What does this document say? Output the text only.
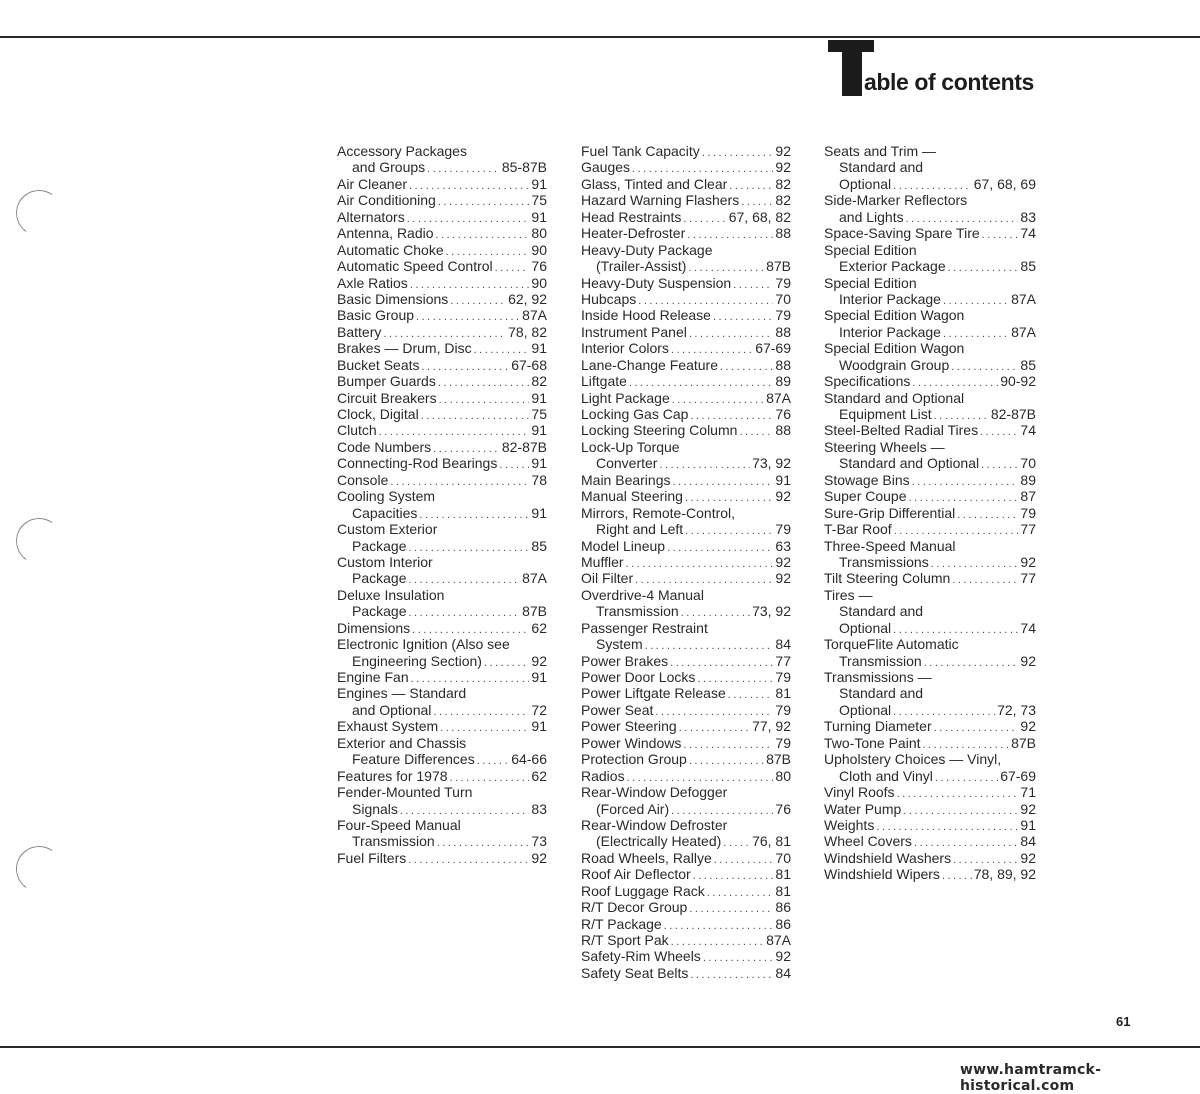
able of contents
Accessory Packages
and Groups .....	85-87B
Air Cleaner .....	91
Air Conditioning .....	75
Alternators .....	91
Antenna, Radio .....	80
Automatic Choke .....	90
Automatic Speed Control .....	76
Axle Ratios .....	90
Basic Dimensions .....	62, 92
Basic Group .....	87A
Battery .....	78, 82
Brakes — Drum, Disc .....	91
Bucket Seats .....	67-68
Bumper Guards .....	82
Circuit Breakers .....	91
Clock, Digital .....	75
Clutch .....	91
Code Numbers .....	82-87B
Connecting-Rod Bearings ..... 91
Console .....	78
Cooling System
Capacities .....	91
Custom Exterior
Package .....	85
Custom Interior
Package .....	87A
Deluxe Insulation
Package .....	87B
Dimensions .....	62
Electronic Ignition (Also see
Engineering Section) .....	92
Engine Fan .....	91
Engines — Standard
and Optional .....	72
Exhaust System .....	91
Exterior and Chassis
Feature Differences .....	64-66
Features for 1978 .....	62
Fender-Mounted Turn
Signals .....	83
Four-Speed Manual
Transmission .....	73
Fuel Filters .....	92
Fuel Tank Capacity .....	92
Gauges .....	92
Glass, Tinted and Clear .....	82
Hazard Warning Flashers .....	82
Head Restraints .....	67, 68, 82
Heater-Defroster .....	88
Heavy-Duty Package
(Trailer-Assist) .....	87B
Heavy-Duty Suspension .....	79
Hubcaps .....	70
Inside Hood Release .....	79
Instrument Panel .....	88
Interior Colors .....	67-69
Lane-Change Feature .....	88
Liftgate .....	89
Light Package .....	87A
Locking Gas Cap .....	76
Locking Steering Column .....	88
Lock-Up Torque
Converter .....	73, 92
Main Bearings .....	91
Manual Steering .....	92
Mirrors, Remote-Control,
Right and Left .....	79
Model Lineup .....	63
Muffler .....	92
Oil Filter .....	92
Overdrive-4 Manual
Transmission .....	73, 92
Passenger Restraint
System .....	84
Power Brakes .....	77
Power Door Locks .....	79
Power Liftgate Release .....	81
Power Seat .....	79
Power Steering .....	77, 92
Power Windows .....	79
Protection Group .....	87B
Radios .....	80
Rear-Window Defogger
(Forced Air) .....	76
Rear-Window Defroster
(Electrically Heated) ..... 76, 81
Road Wheels, Rallye .....	70
Roof Air Deflector .....	81
Roof Luggage Rack .....	81
R/T Decor Group .....	86
R/T Package .....	86
R/T Sport Pak .....	87A
Safety-Rim Wheels .....	92
Safety Seat Belts .....	84
Seats and Trim —
Standard and
Optional .....	67, 68, 69
Side-Marker Reflectors
and Lights .....	83
Space-Saving Spare Tire .....	74
Special Edition
Exterior Package .....	85
Special Edition
Interior Package .....	87A
Special Edition Wagon
Interior Package .....	87A
Special Edition Wagon
Woodgrain Group .....	85
Specifications .....	90-92
Standard and Optional
Equipment List .....	82-87B
Steel-Belted Radial Tires .....	74
Steering Wheels —
Standard and Optional .....	70
Stowage Bins .....	89
Super Coupe .....	87
Sure-Grip Differential .....	79
T-Bar Roof .....	77
Three-Speed Manual
Transmissions .....	92
Tilt Steering Column .....	77
Tires —
Standard and
Optional .....	74
TorqueFlite Automatic
Transmission .....	92
Transmissions —
Standard and
Optional .....	72, 73
Turning Diameter .....	92
Two-Tone Paint .....	87B
Upholstery Choices — Vinyl,
Cloth and Vinyl .....	67-69
Vinyl Roofs .....	71
Water Pump .....	92
Weights .....	91
Wheel Covers .....	84
Windshield Washers .....	92
Windshield Wipers ..... 78, 89, 92
61
www.hamtramck-historical.com
